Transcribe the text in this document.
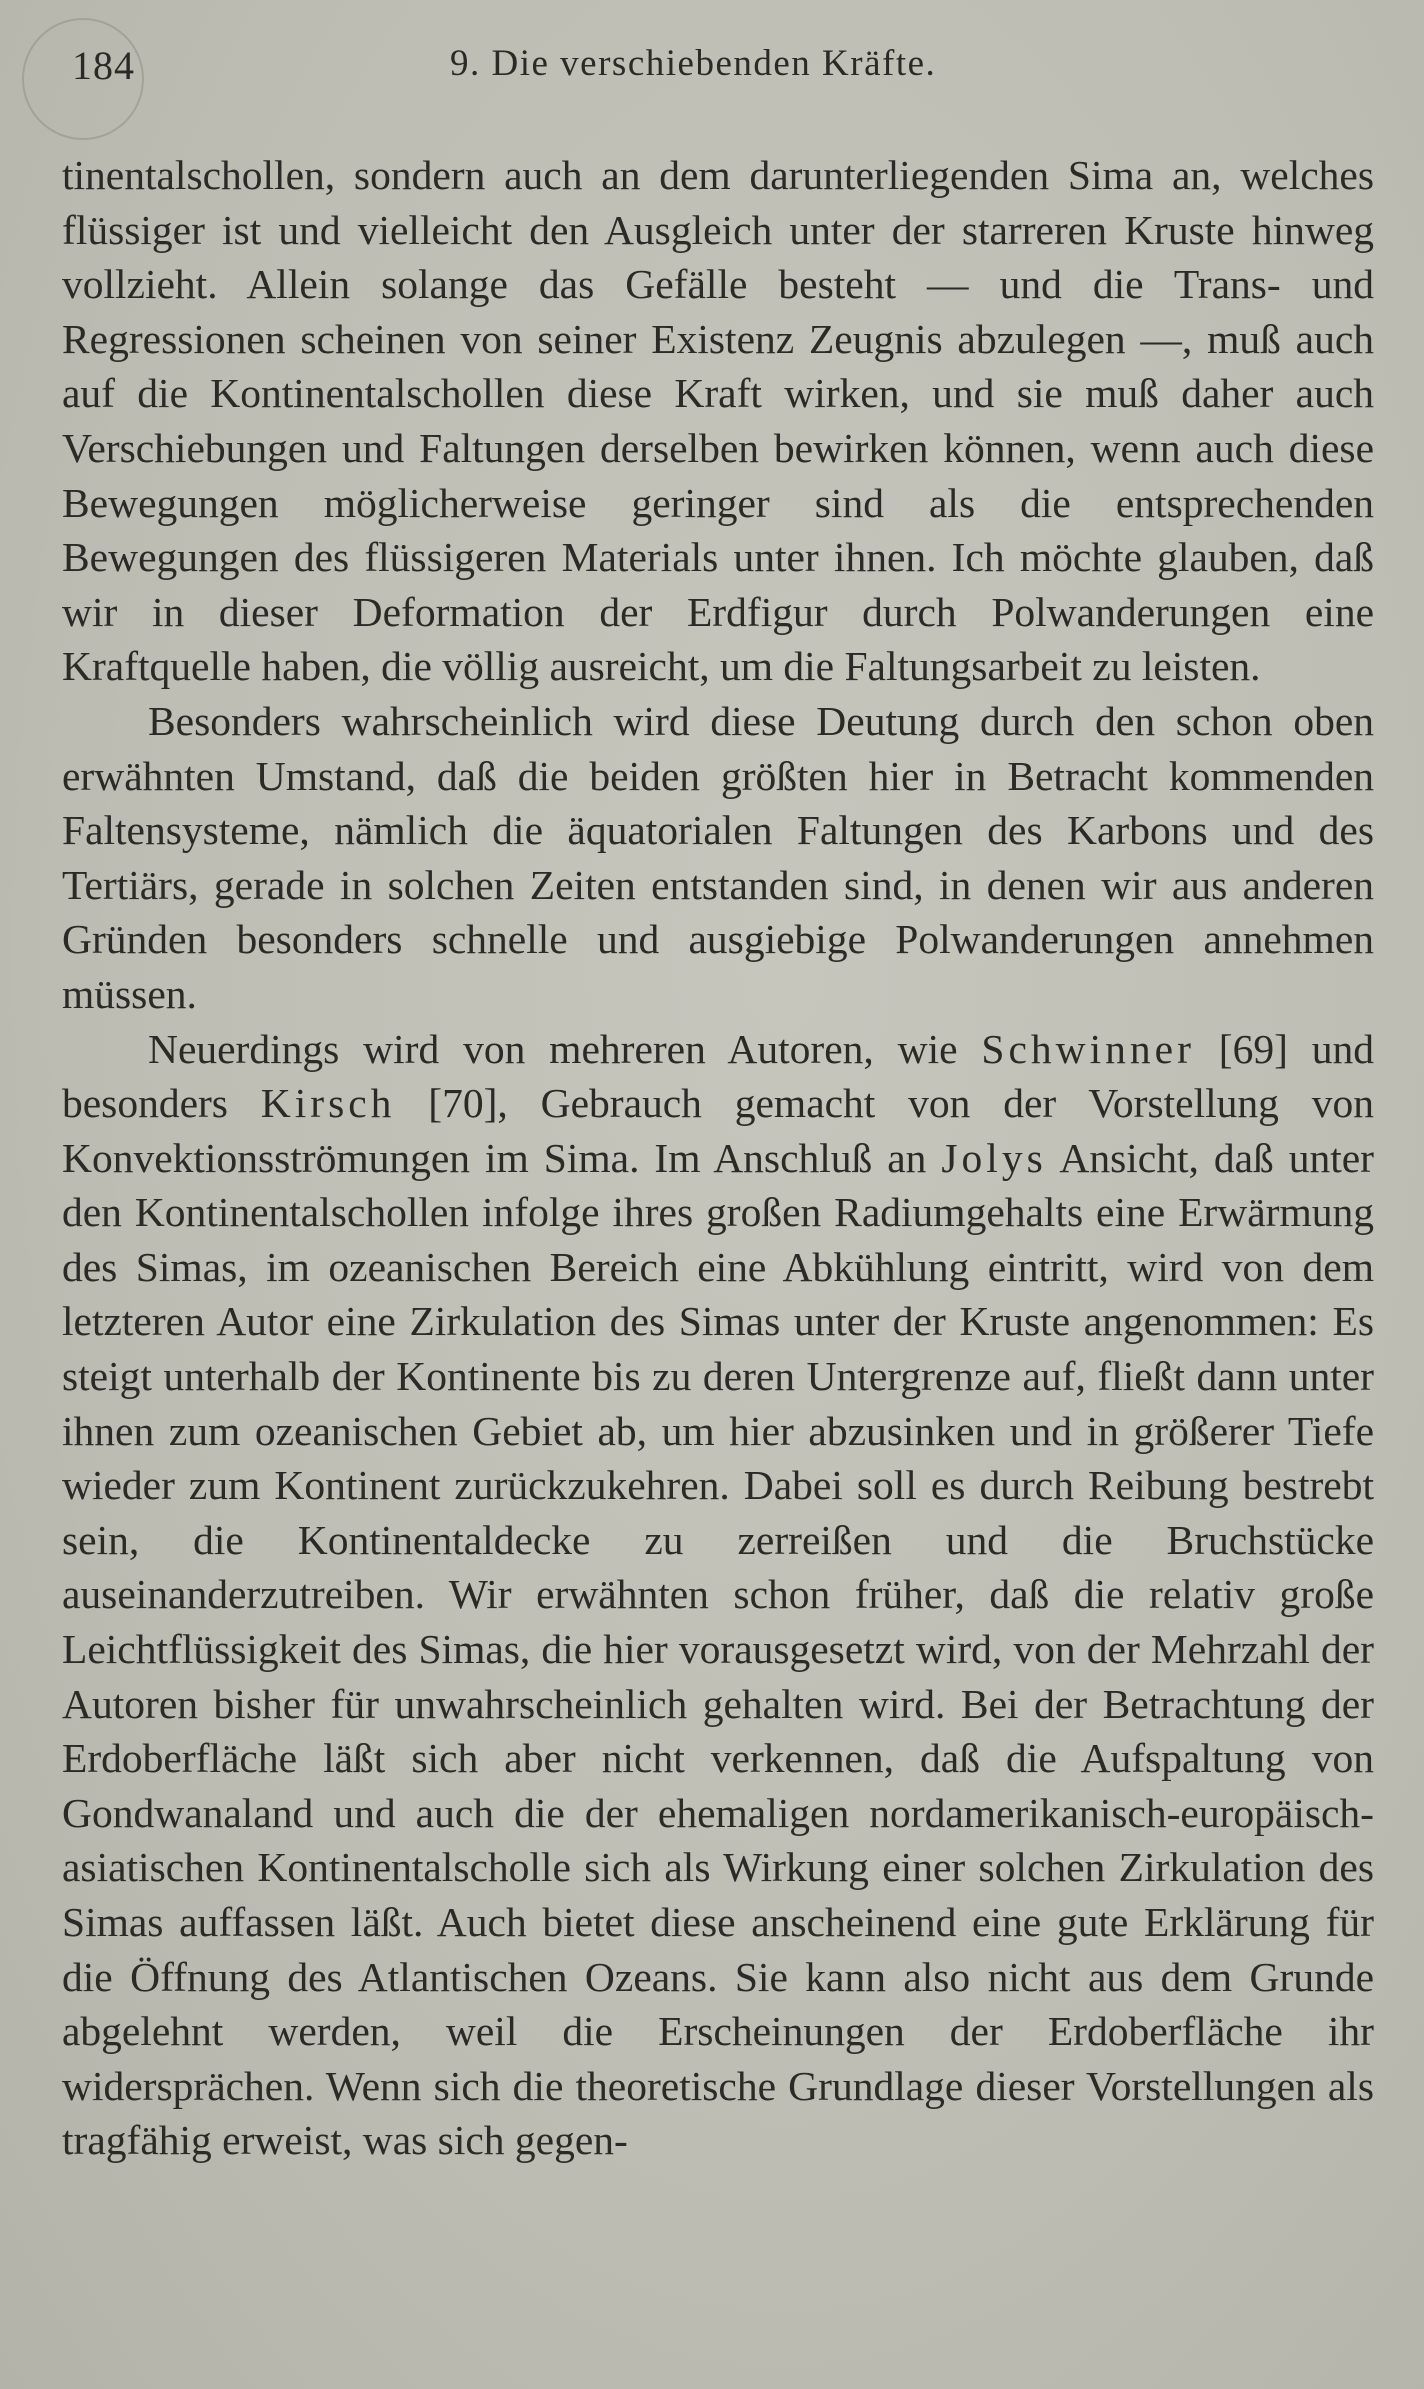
184	9. Die verschiebenden Kräfte.

tinentalschollen, sondern auch an dem darunterliegenden Sima an, welches flüssiger ist und vielleicht den Ausgleich unter der starreren Kruste hinweg vollzieht. Allein solange das Gefälle besteht — und die Trans- und Regressionen scheinen von seiner Existenz Zeugnis abzulegen —, muß auch auf die Kontinentalschollen diese Kraft wirken, und sie muß daher auch Verschiebungen und Faltungen derselben bewirken können, wenn auch diese Bewegungen möglicherweise geringer sind als die entsprechenden Bewegungen des flüssigeren Materials unter ihnen. Ich möchte glauben, daß wir in dieser Deformation der Erdfigur durch Polwanderungen eine Kraftquelle haben, die völlig ausreicht, um die Faltungsarbeit zu leisten.

Besonders wahrscheinlich wird diese Deutung durch den schon oben erwähnten Umstand, daß die beiden größten hier in Betracht kommenden Faltensysteme, nämlich die äquatorialen Faltungen des Karbons und des Tertiärs, gerade in solchen Zeiten entstanden sind, in denen wir aus anderen Gründen besonders schnelle und ausgiebige Polwanderungen annehmen müssen.

Neuerdings wird von mehreren Autoren, wie Schwinner [69] und besonders Kirsch [70], Gebrauch gemacht von der Vorstellung von Konvektionsströmungen im Sima. Im Anschluß an Jolys Ansicht, daß unter den Kontinentalschollen infolge ihres großen Radiumgehalts eine Erwärmung des Simas, im ozeanischen Bereich eine Abkühlung eintritt, wird von dem letzteren Autor eine Zirkulation des Simas unter der Kruste angenommen: Es steigt unterhalb der Kontinente bis zu deren Untergrenze auf, fließt dann unter ihnen zum ozeanischen Gebiet ab, um hier abzusinken und in größerer Tiefe wieder zum Kontinent zurückzukehren. Dabei soll es durch Reibung bestrebt sein, die Kontinentaldecke zu zerreißen und die Bruchstücke auseinanderzutreiben. Wir erwähnten schon früher, daß die relativ große Leichtflüssigkeit des Simas, die hier vorausgesetzt wird, von der Mehrzahl der Autoren bisher für unwahrscheinlich gehalten wird. Bei der Betrachtung der Erdoberfläche läßt sich aber nicht verkennen, daß die Aufspaltung von Gondwanaland und auch die der ehemaligen nordamerikanisch-europäisch-asiatischen Kontinentalscholle sich als Wirkung einer solchen Zirkulation des Simas auffassen läßt. Auch bietet diese anscheinend eine gute Erklärung für die Öffnung des Atlantischen Ozeans. Sie kann also nicht aus dem Grunde abgelehnt werden, weil die Erscheinungen der Erdoberfläche ihr widersprächen. Wenn sich die theoretische Grundlage dieser Vorstellungen als tragfähig erweist, was sich gegen-
